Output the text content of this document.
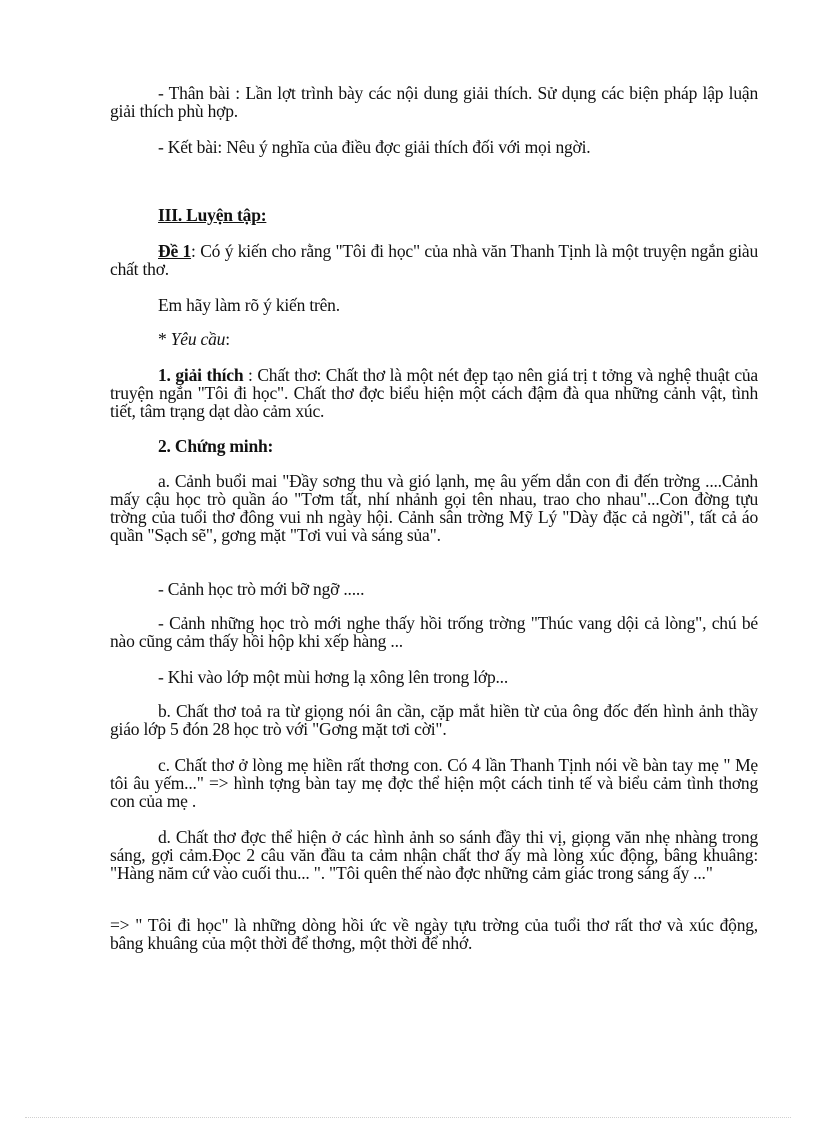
- Thân bài : Lần lợt trình bày các nội dung giải thích. Sử dụng các biện pháp lập luận giải thích phù hợp.

- Kết bài: Nêu ý nghĩa của điều đợc giải thích đối với mọi ngời.

III. Luyện tập:

Đề 1: Có ý kiến cho rằng "Tôi đi học" của nhà văn Thanh Tịnh là một truyện ngắn giàu chất thơ.

Em hãy làm rõ ý kiến trên.

* Yêu cầu:

1. giải thích : Chất thơ: Chất thơ là một nét đẹp tạo nên giá trị t tởng và nghệ thuật của truyện ngắn "Tôi đi học". Chất thơ đợc biểu hiện một cách đậm đà qua những cảnh vật, tình tiết, tâm trạng dạt dào cảm xúc.

2. Chứng minh:

a. Cảnh buổi mai "Đầy sơng thu và gió lạnh, mẹ âu yếm dắn con đi đến trờng ....Cảnh mấy cậu học trò quần áo "Tơm tất, nhí nhảnh gọi tên nhau, trao cho nhau"...Con đờng tựu trờng của tuổi thơ đông vui nh ngày hội. Cảnh sân trờng Mỹ Lý "Dày đặc cả ngời", tất cả áo quần "Sạch sẽ", gơng mặt "Tơi vui và sáng sủa".

- Cảnh học trò mới bỡ ngỡ .....

- Cảnh những học trò mới nghe thấy hồi trống trờng "Thúc vang dội cả lòng", chú bé nào cũng cảm thấy hồi hộp khi xếp hàng ...

- Khi vào lớp một mùi hơng lạ xông lên trong lớp...

b. Chất thơ toả ra từ giọng nói ân cần, cặp mắt hiền từ của ông đốc đến hình ảnh thầy giáo lớp 5 đón 28 học trò với "Gơng mặt tơi cời".

c. Chất thơ ở lòng mẹ hiền rất thơng con. Có 4 lần Thanh Tịnh nói về bàn tay mẹ " Mẹ tôi âu yếm..." => hình tợng bàn tay mẹ đợc thể hiện một cách tinh tế và biểu cảm tình thơng con của mẹ .

d. Chất thơ đợc thể hiện ở các hình ảnh so sánh đầy thi vị, giọng văn nhẹ nhàng trong sáng, gợi cảm.Đọc 2 câu văn đầu ta cảm nhận chất thơ ấy mà lòng xúc động, bâng khuâng: "Hàng năm cứ vào cuối thu... ". "Tôi quên thế nào đợc những cảm giác trong sáng ấy ..."

=> " Tôi đi học" là những dòng hồi ức về ngày tựu trờng của tuổi thơ rất thơ và xúc động, bâng khuâng của một thời để thơng, một thời để nhớ.
